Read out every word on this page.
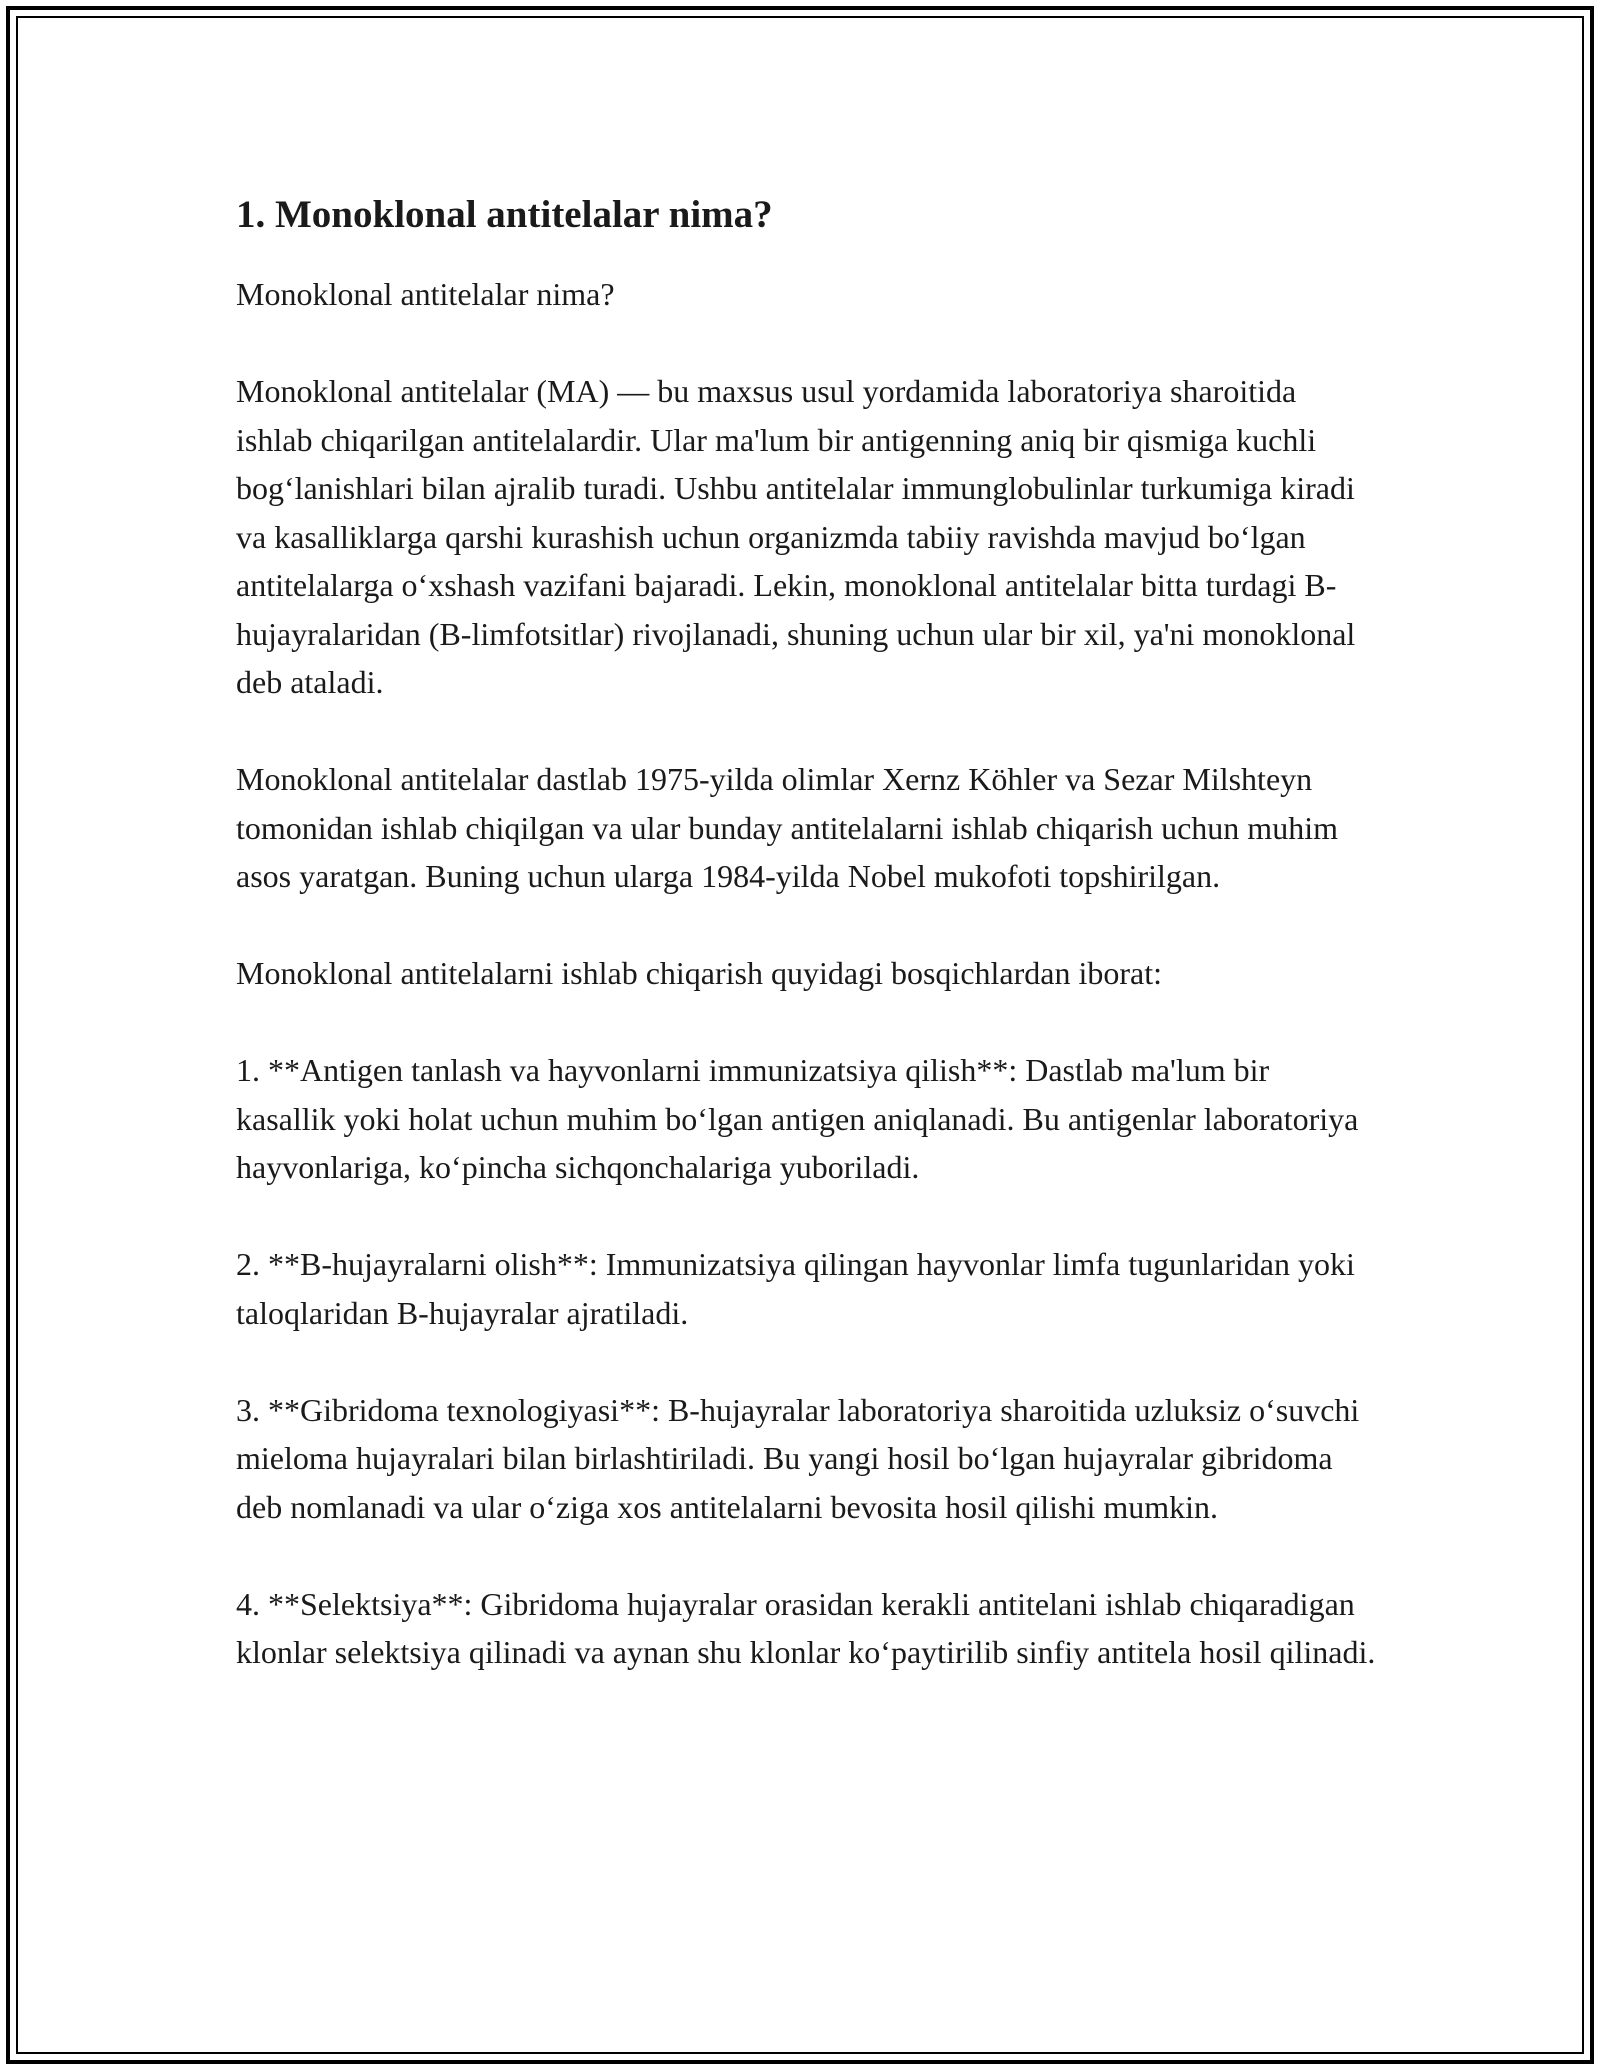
1. Monoklonal antitelalar nima?

Monoklonal antitelalar nima?

Monoklonal antitelalar (MA) — bu maxsus usul yordamida laboratoriya sharoitida ishlab chiqarilgan antitelalardir. Ular ma'lum bir antigenning aniq bir qismiga kuchli bog‘lanishlari bilan ajralib turadi. Ushbu antitelalar immunglobulinlar turkumiga kiradi va kasalliklarga qarshi kurashish uchun organizmda tabiiy ravishda mavjud bo‘lgan antitelalarga o‘xshash vazifani bajaradi. Lekin, monoklonal antitelalar bitta turdagi B-hujayralaridan (B-limfotsitlar) rivojlanadi, shuning uchun ular bir xil, ya'ni monoklonal deb ataladi.

Monoklonal antitelalar dastlab 1975-yilda olimlar Xernz Köhler va Sezar Milshteyn tomonidan ishlab chiqilgan va ular bunday antitelalarni ishlab chiqarish uchun muhim asos yaratgan. Buning uchun ularga 1984-yilda Nobel mukofoti topshirilgan.

Monoklonal antitelalarni ishlab chiqarish quyidagi bosqichlardan iborat:

1. **Antigen tanlash va hayvonlarni immunizatsiya qilish**: Dastlab ma'lum bir kasallik yoki holat uchun muhim bo‘lgan antigen aniqlanadi. Bu antigenlar laboratoriya hayvonlariga, ko‘pincha sichqonchalariga yuboriladi.

2. **B-hujayralarni olish**: Immunizatsiya qilingan hayvonlar limfa tugunlaridan yoki taloqlaridan B-hujayralar ajratiladi.

3. **Gibridoma texnologiyasi**: B-hujayralar laboratoriya sharoitida uzluksiz o‘suvchi mieloma hujayralari bilan birlashtiriladi. Bu yangi hosil bo‘lgan hujayralar gibridoma deb nomlanadi va ular o‘ziga xos antitelalarni bevosita hosil qilishi mumkin.

4. **Selektsiya**: Gibridoma hujayralar orasidan kerakli antitelani ishlab chiqaradigan klonlar selektsiya qilinadi va aynan shu klonlar ko‘paytirilib sinfiy antitela hosil qilinadi.
